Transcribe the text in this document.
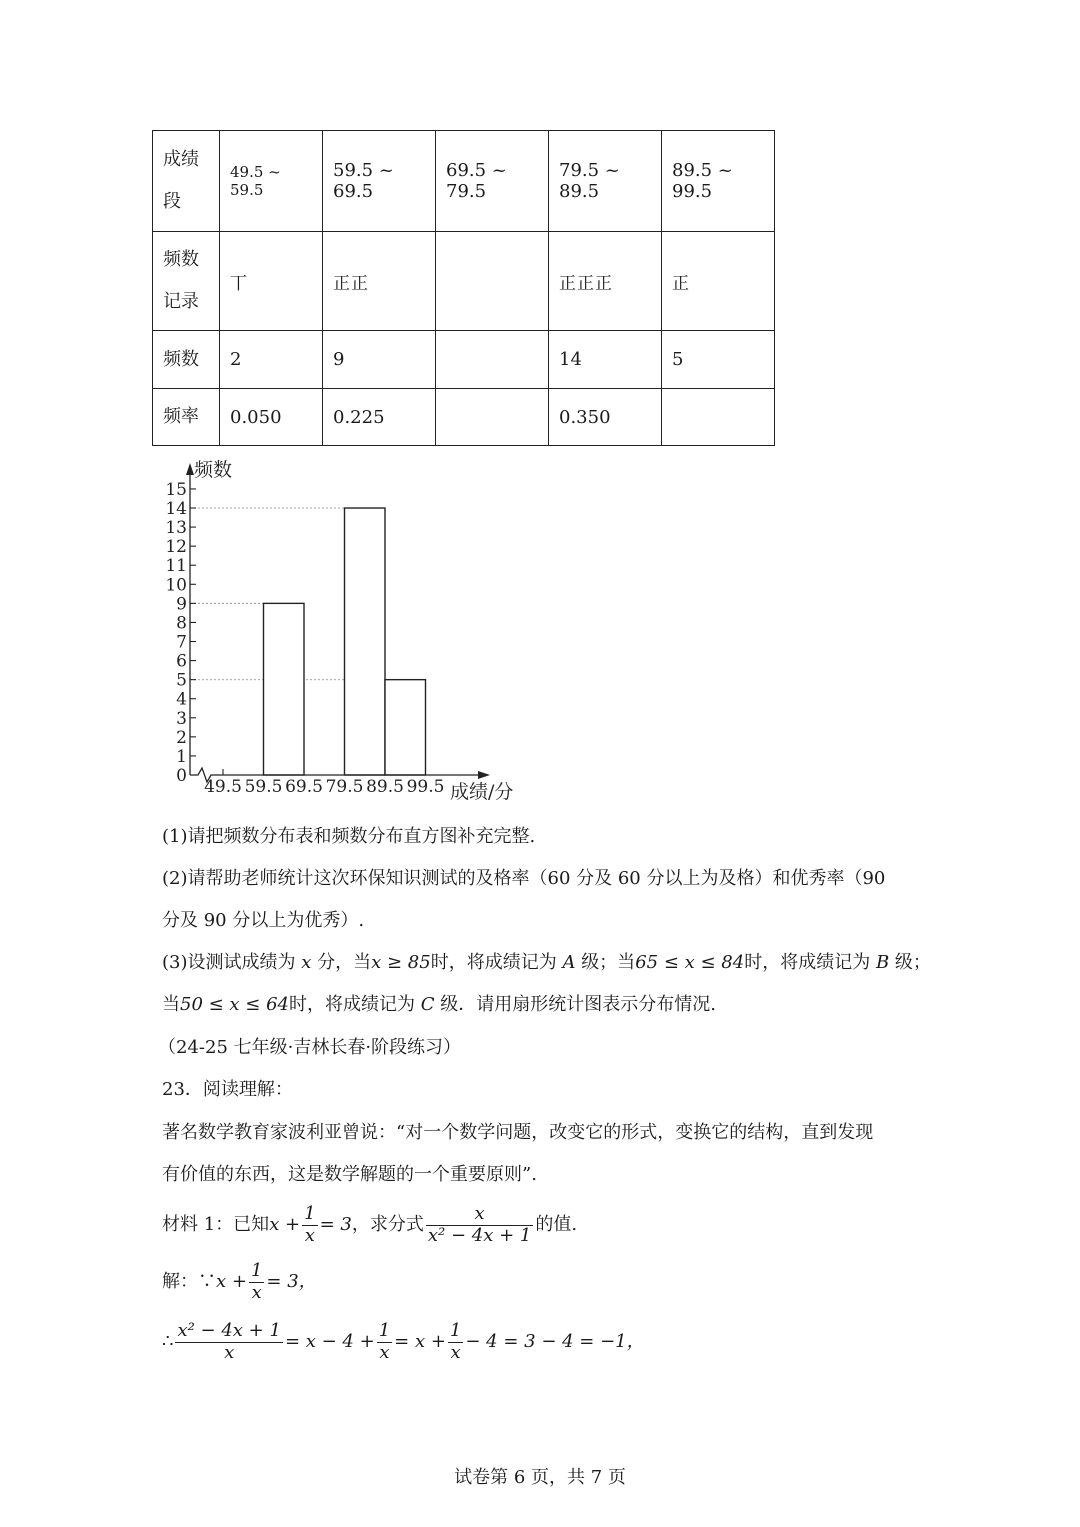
成绩
段	49.5 ~ 59.5	59.5 ~ 69.5	69.5 ~ 79.5	79.5 ~ 89.5	89.5 ~ 99.5
频数
记录	丅	正正		正正正	正
频数	2	9		14	5
频率	0.050	0.225		0.350	
0
1
2
3
4
5
6
7
8
9
10
11
12
13
14
15
49.5 59.5 69.5 79.5 89.5 99.5
频数
成绩/分
(1)请把频数分布表和频数分布直方图补充完整.
(2)请帮助老师统计这次环保知识测试的及格率（60 分及 60 分以上为及格）和优秀率（90
分及 90 分以上为优秀）.
(3)设测试成绩为 x 分，当x ≥ 85时，将成绩记为 A 级；当65 ≤ x ≤ 84时，将成绩记为 B 级；
当50 ≤ x ≤ 64时，将成绩记为 C 级．请用扇形统计图表示分布情况.
（24-25 七年级·吉林长春·阶段练习）
23．阅读理解：
著名数学教育家波利亚曾说：“对一个数学问题，改变它的形式，变换它的结构，直到发现
有价值的东西，这是数学解题的一个重要原则”.
材料 1：已知$x + \frac{1}{x} = 3$，求分式 $\frac{x}{\text{x² − 4x + 1}}$ 的值.
解：∵x + $\frac{1}{x} = 3$，
∴ $\frac{\text{x² − 4x + 1}}{x} = x - 4 + \frac{1}{x} = x + \frac{1}{x} - 4 = 3 - 4 = -1$，
试卷第 6 页，共 7 页
